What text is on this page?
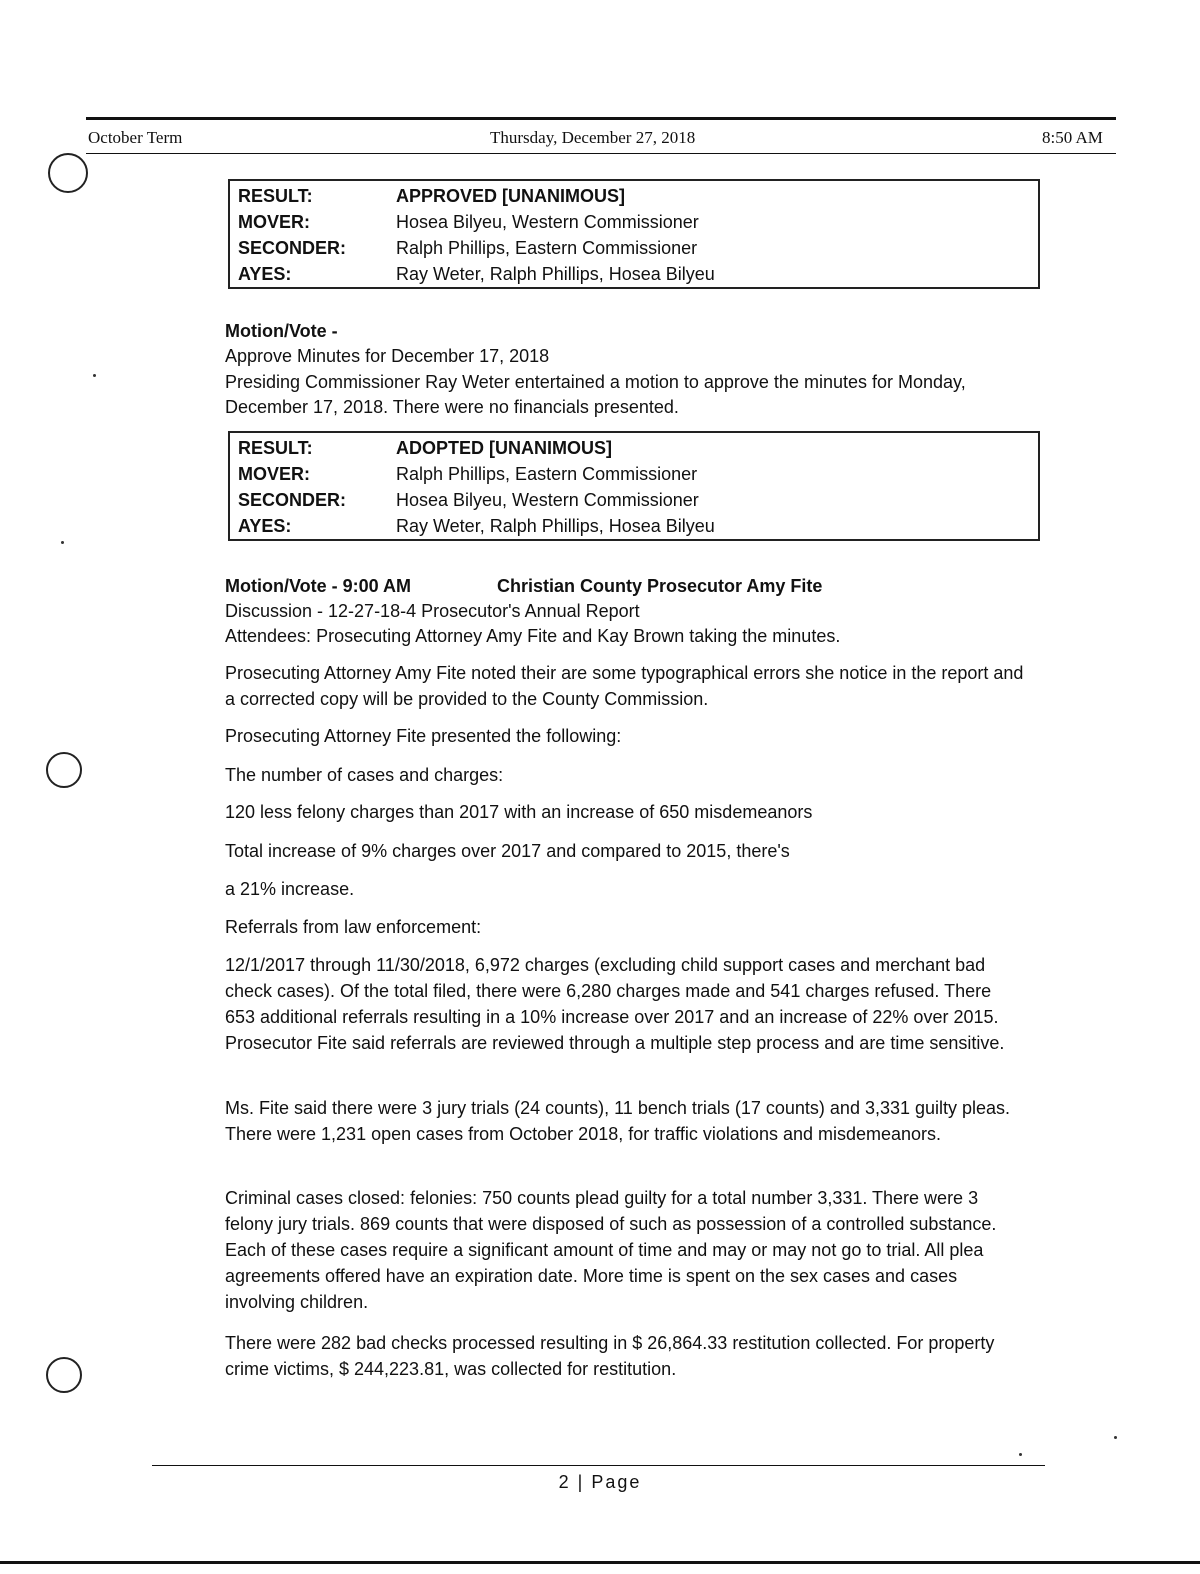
October Term	Thursday, December 27, 2018	8:50 AM
RESULT:	APPROVED [UNANIMOUS]
MOVER:	Hosea Bilyeu, Western Commissioner
SECONDER:	Ralph Phillips, Eastern Commissioner
AYES:	Ray Weter, Ralph Phillips, Hosea Bilyeu
Motion/Vote -
Approve Minutes for December 17, 2018
Presiding Commissioner Ray Weter entertained a motion to approve the minutes for Monday,
December 17, 2018. There were no financials presented.
RESULT:	ADOPTED [UNANIMOUS]
MOVER:	Ralph Phillips, Eastern Commissioner
SECONDER:	Hosea Bilyeu, Western Commissioner
AYES:	Ray Weter, Ralph Phillips, Hosea Bilyeu
Motion/Vote - 9:00 AM	Christian County Prosecutor Amy Fite
Discussion - 12-27-18-4 Prosecutor's Annual Report
Attendees: Prosecuting Attorney Amy Fite and Kay Brown taking the minutes.

Prosecuting Attorney Amy Fite noted their are some typographical errors she notice in the report and a corrected copy will be provided to the County Commission.

Prosecuting Attorney Fite presented the following:

The number of cases and charges:

120 less felony charges than 2017 with an increase of 650 misdemeanors

Total increase of 9% charges over 2017 and compared to 2015, there's

a 21% increase.

Referrals from law enforcement:

12/1/2017 through 11/30/2018, 6,972 charges (excluding child support cases and merchant bad check cases). Of the total filed, there were 6,280 charges made and 541 charges refused. There 653 additional referrals resulting in a 10% increase over 2017 and an increase of 22% over 2015. Prosecutor Fite said referrals are reviewed through a multiple step process and are time sensitive.

Ms. Fite said there were 3 jury trials (24 counts), 11 bench trials (17 counts) and 3,331 guilty pleas. There were 1,231 open cases from October 2018, for traffic violations and misdemeanors.

Criminal cases closed: felonies: 750 counts plead guilty for a total number 3,331. There were 3 felony jury trials. 869 counts that were disposed of such as possession of a controlled substance. Each of these cases require a significant amount of time and may or may not go to trial. All plea agreements offered have an expiration date. More time is spent on the sex cases and cases involving children.

There were 282 bad checks processed resulting in $ 26,864.33 restitution collected. For property crime victims, $ 244,223.81, was collected for restitution.

2 | Page
